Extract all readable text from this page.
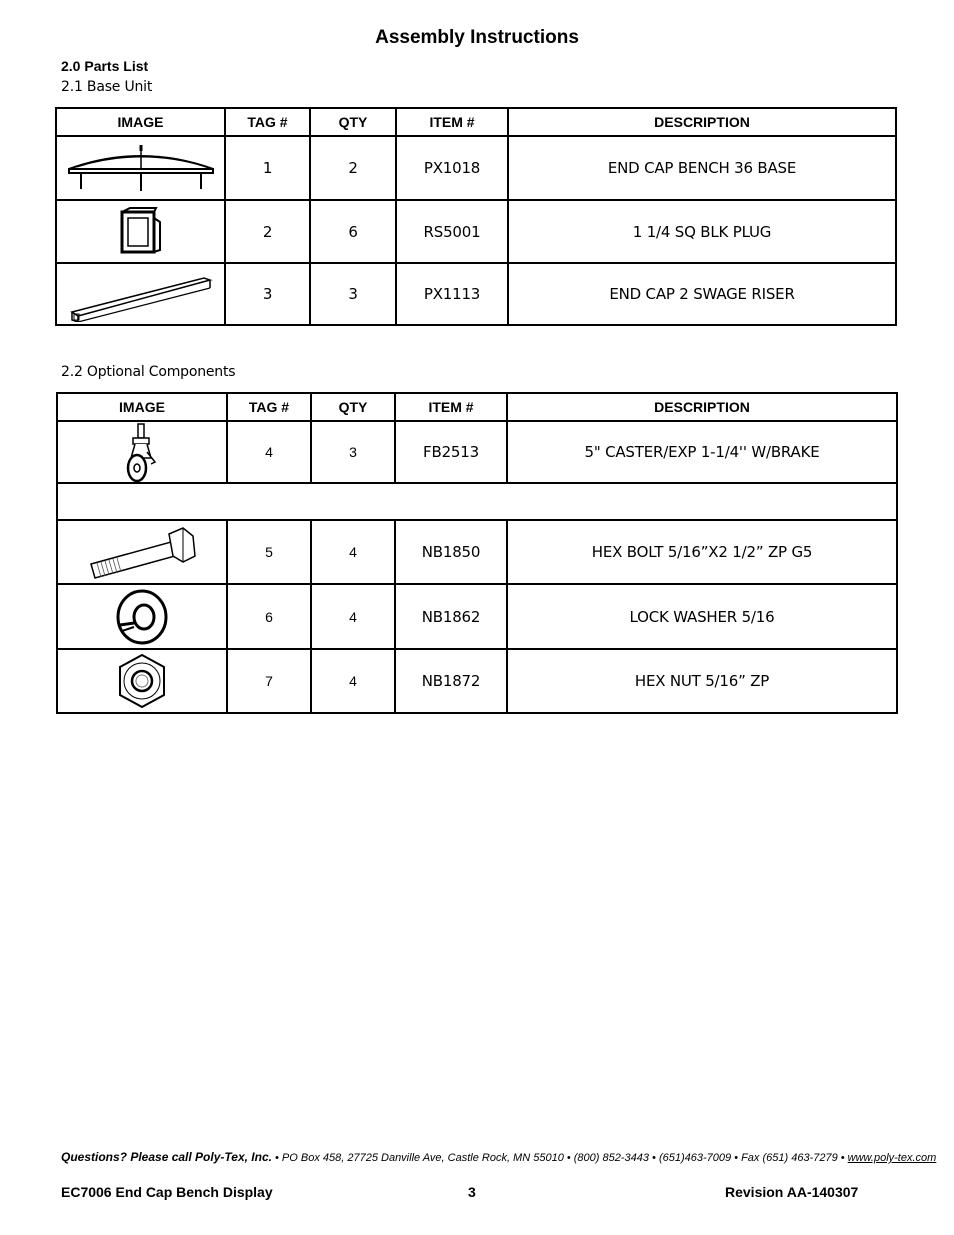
Assembly Instructions
2.0 Parts List
2.1 Base Unit
IMAGE	TAG #	QTY	ITEM #	DESCRIPTION

	1	2	PX1018	END CAP BENCH 36 BASE

	2	6	RS5001	1 1/4 SQ BLK PLUG

	3	3	PX1113	END CAP 2 SWAGE RISER
2.2 Optional Components
IMAGE	TAG #	QTY	ITEM #	DESCRIPTION

	4	3	FB2513	5" CASTER/EXP 1-1/4'' W/BRAKE

	5	4	NB1850	HEX BOLT 5/16”X2 1/2” ZP G5

	6	4	NB1862	LOCK WASHER 5/16

	7	4	NB1872	HEX NUT 5/16” ZP
Questions? Please call Poly-Tex, Inc. • PO Box 458, 27725 Danville Ave, Castle Rock, MN 55010 • (800) 852-3443 • (651)463-7009 • Fax (651) 463-7279 • www.poly-tex.com
EC7006 End Cap Bench Display	3	Revision AA-140307
